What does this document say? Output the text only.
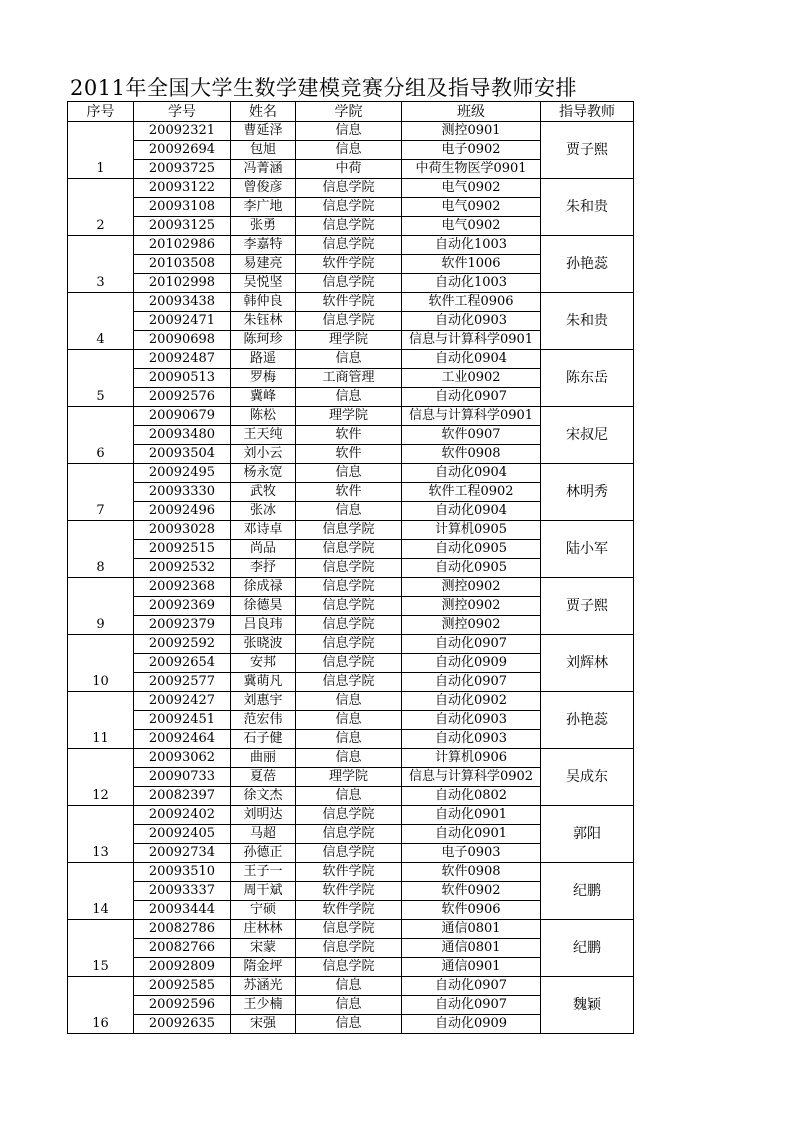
2011年全国大学生数学建模竞赛分组及指导教师安排
序号	学号	姓名	学院	班级	指导教师
1	20092321	曹延泽	信息	测控0901	贾子熙
	20092694	包旭	信息	电子0902	
	20093725	冯菁涵	中荷	中荷生物医学0901	
2	20093122	曾俊彦	信息学院	电气0902	朱和贵
	20093108	李广地	信息学院	电气0902	
	20093125	张勇	信息学院	电气0902	
3	20102986	李嘉特	信息学院	自动化1003	孙艳蕊
	20103508	易建亮	软件学院	软件1006	
	20102998	吴悦坚	信息学院	自动化1003	
4	20093438	韩仲良	软件学院	软件工程0906	朱和贵
	20092471	朱钰林	信息学院	自动化0903	
	20090698	陈珂珍	理学院	信息与计算科学0901	
5	20092487	路遥	信息	自动化0904	陈东岳
	20090513	罗梅	工商管理	工业0902	
	20092576	冀峰	信息	自动化0907	
6	20090679	陈松	理学院	信息与计算科学0901	宋叔尼
	20093480	王天纯	软件	软件0907	
	20093504	刘小云	软件	软件0908	
7	20092495	杨永宽	信息	自动化0904	林明秀
	20093330	武牧	软件	软件工程0902	
	20092496	张冰	信息	自动化0904	
8	20093028	邓诗卓	信息学院	计算机0905	陆小军
	20092515	尚品	信息学院	自动化0905	
	20092532	李抒	信息学院	自动化0905	
9	20092368	徐成禄	信息学院	测控0902	贾子熙
	20092369	徐德昊	信息学院	测控0902	
	20092379	吕良玮	信息学院	测控0902	
10	20092592	张晓波	信息学院	自动化0907	刘辉林
	20092654	安邦	信息学院	自动化0909	
	20092577	冀萌凡	信息学院	自动化0907	
11	20092427	刘惠宇	信息	自动化0902	孙艳蕊
	20092451	范宏伟	信息	自动化0903	
	20092464	石子健	信息	自动化0903	
12	20093062	曲丽	信息	计算机0906	吴成东
	20090733	夏蓓	理学院	信息与计算科学0902	
	20082397	徐文杰	信息	自动化0802	
13	20092402	刘明达	信息学院	自动化0901	郭阳
	20092405	马超	信息学院	自动化0901	
	20092734	孙德正	信息学院	电子0903	
14	20093510	王子一	软件学院	软件0908	纪鹏
	20093337	周干斌	软件学院	软件0902	
	20093444	宁硕	软件学院	软件0906	
15	20082786	庄林林	信息学院	通信0801	纪鹏
	20082766	宋蒙	信息学院	通信0801	
	20092809	隋金坪	信息学院	通信0901	
16	20092585	苏涵光	信息	自动化0907	魏颖
	20092596	王少楠	信息	自动化0907	
	20092635	宋强	信息	自动化0909	
